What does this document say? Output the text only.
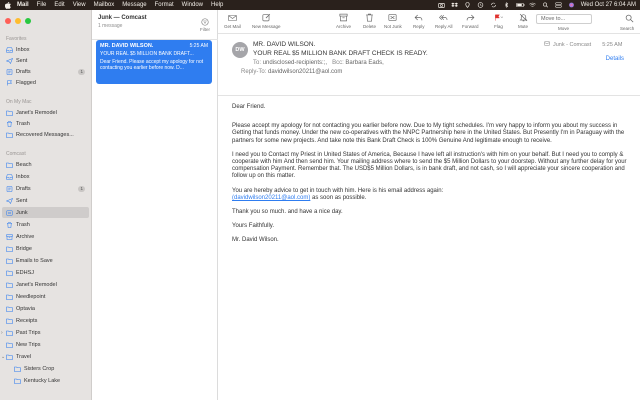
Mail File Edit View Mailbox Message Format Window Help	Wed Oct 27 6:04 AM
Favorites
Inbox
Sent
Drafts	1
Flagged
On My Mac
Janet's Remodel
Trash
Recovered Messages...
Comcast
Beach
Inbox
Drafts	1
Sent
Junk
Trash
Archive
Bridge
Emails to Save
EDHSJ
Janet's Remodel
Needlepoint
Optavia
Receipts
› Past Trips
New Trips
⌄ Travel
Sisters Crop
Kentucky Lake
Junk — Comcast
1 message
Filter
MR. DAVID WILSON.	5:25 AM
YOUR REAL $5 MILLION BANK DRAFT...
Dear Friend. Please accept my apology for not contacting you earlier before now. D...
Get Mail New Message	Archive	Delete Not Junk Reply Reply All Forward	Flag	Mute
Move to...
Move	Search
DW
MR. DAVID WILSON.
YOUR REAL $5 MILLION BANK DRAFT CHECK IS READY.
To: undisclosed-recipients:;, Bcc: Barbara Eads,
Reply-To: davidwilson20211@aol.com
Junk - Comcast 5:25 AM
Details

Dear Friend.

Please accept my apology for not contacting you earlier before now. Due to My tight schedules. I'm very happy to inform you about my success in Getting that funds money. Under the new co-operatives with the NNPC Partnership here in the United States. But Presently I'm in Paraguay with the partners for some new projects. And take note this Bank Draft Check is 100% Genuine And legitimate enough to receive.

I need you to Contact my Priest in United States of America, Because I have left all instruction's with him on your behalf. But I need you to comply & cooperate with him And then send him. Your mailing address where to send the $5 Million Dollars to your doorstep. Without any further delay for your compensation Payment. Remember that. The USD$5 Million Dollars, is in bank draft, and not cash, so I will appreciate your sincere cooperation and follow up on this matter.

You are hereby advice to get in touch with him. Here is his email address again:
(davidwilson20211@aol.com) as soon as possible.

Thank you so much. and have a nice day.

Yours Faithfully.

Mr. David Wilson.
